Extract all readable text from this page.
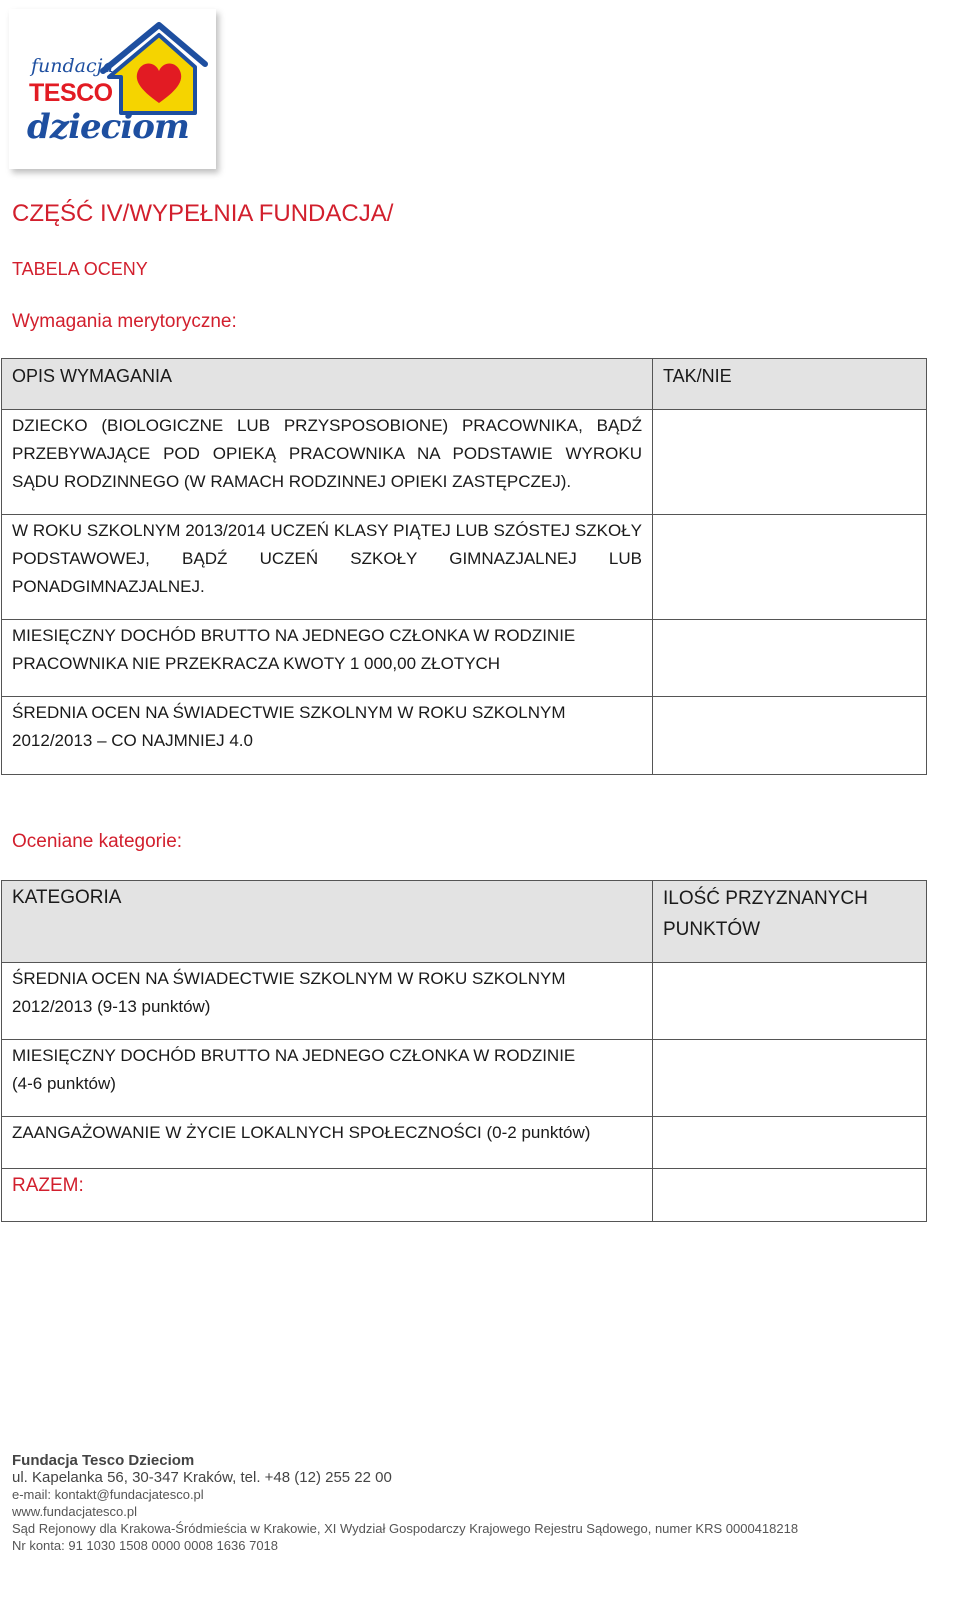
fundacja
TESCO
dzieciom
CZĘŚĆ IV/WYPEŁNIA FUNDACJA/
TABELA OCENY
Wymagania merytoryczne:
OPIS WYMAGANIA	TAK/NIE
DZIECKO (BIOLOGICZNE LUB PRZYSPOSOBIONE) PRACOWNIKA, BĄDŹ PRZEBYWAJĄCE POD OPIEKĄ PRACOWNIKA NA PODSTAWIE WYROKU SĄDU RODZINNEGO (W RAMACH RODZINNEJ OPIEKI ZASTĘPCZEJ).	
W ROKU SZKOLNYM 2013/2014 UCZEŃ KLASY PIĄTEJ LUB SZÓSTEJ SZKOŁY PODSTAWOWEJ, BĄDŹ UCZEŃ SZKOŁY GIMNAZJALNEJ LUB PONADGIMNAZJALNEJ.	

MIESIĘCZNY DOCHÓD BRUTTO NA JEDNEGO CZŁONKA W RODZINIE
PRACOWNIKA NIE PRZEKRACZA KWOTY 1 000,00 ZŁOTYCH	

ŚREDNIA OCEN NA ŚWIADECTWIE SZKOLNYM W ROKU SZKOLNYM
2012/2013 – CO NAJMNIEJ 4.0	

Oceniane kategorie:
KATEGORIA	ILOŚĆ PRZYZNANYCH
PUNKTÓW

ŚREDNIA OCEN NA ŚWIADECTWIE SZKOLNYM W ROKU SZKOLNYM
2012/2013 (9-13 punktów)	

MIESIĘCZNY DOCHÓD BRUTTO NA JEDNEGO CZŁONKA W RODZINIE
(4-6 punktów)	

ZAANGAŻOWANIE W ŻYCIE LOKALNYCH SPOŁECZNOŚCI (0-2 punktów)	

RAZEM:	
Fundacja Tesco Dzieciom
ul. Kapelanka 56, 30-347 Kraków, tel. +48 (12) 255 22 00
e-mail: kontakt@fundacjatesco.pl
www.fundacjatesco.pl
Sąd Rejonowy dla Krakowa-Śródmieścia w Krakowie, XI Wydział Gospodarczy Krajowego Rejestru Sądowego, numer KRS 0000418218
Nr konta: 91 1030 1508 0000 0008 1636 7018
